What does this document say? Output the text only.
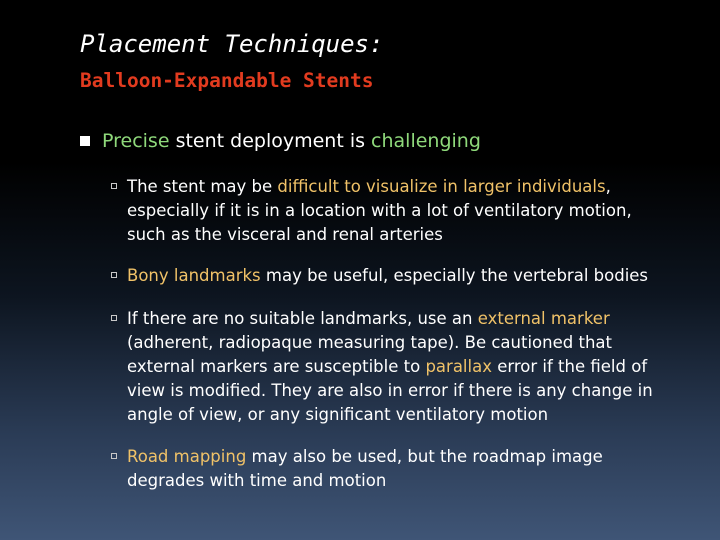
Placement Techniques:
Balloon-Expandable Stents
Precise stent deployment is challenging
The stent may be difficult to visualize in larger individuals, especially if it is in a location with a lot of ventilatory motion, such as the visceral and renal arteries
Bony landmarks may be useful, especially the vertebral bodies
If there are no suitable landmarks, use an external marker (adherent, radiopaque measuring tape). Be cautioned that external markers are susceptible to parallax error if the field of view is modified. They are also in error if there is any change in angle of view, or any significant ventilatory motion
Road mapping may also be used, but the roadmap image degrades with time and motion
